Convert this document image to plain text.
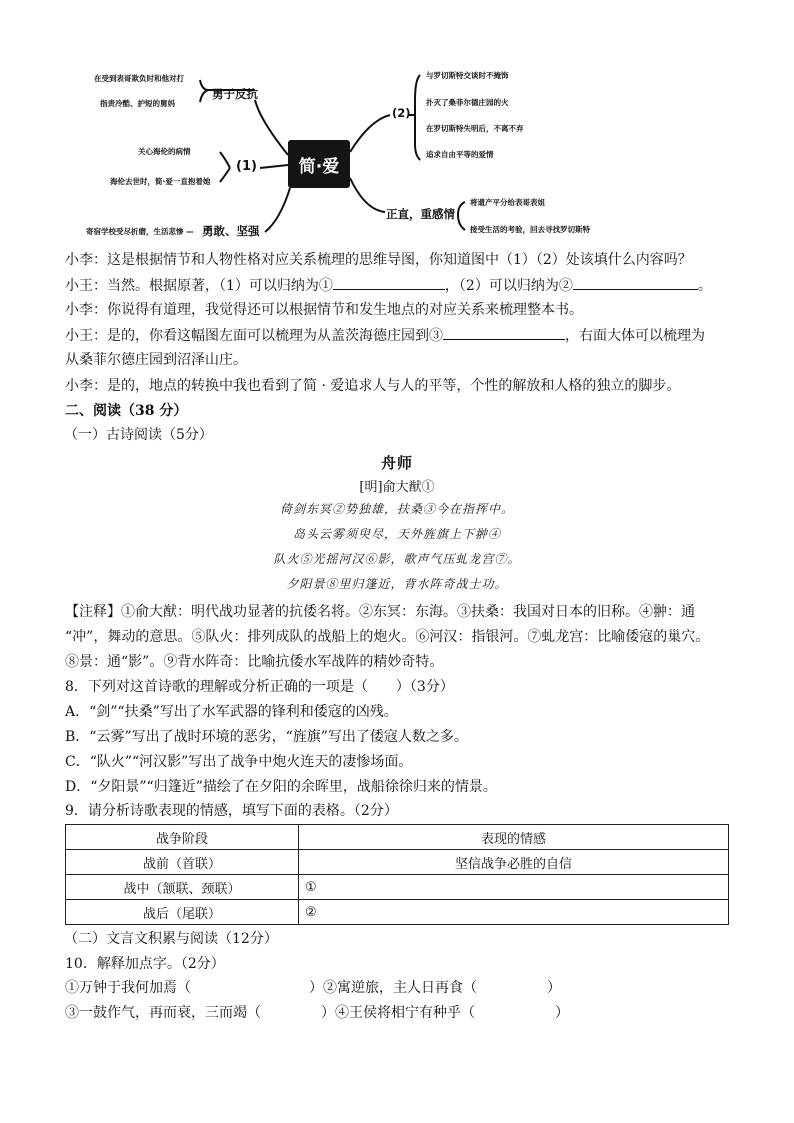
在受到表哥欺负时和他对打
指责冷酷、护短的舅妈
勇于反抗
关心海伦的病情
海伦去世时，简·爱一直抱着她
(1)
寄宿学校受尽折磨，生活悲惨 — 勇敢、坚强
简·爱
(2)
与罗切斯特交谈时不掩饰
扑灭了桑菲尔德庄园的火
在罗切斯特失明后，不离不弃
追求自由平等的爱情
正直，重感情
将遗产平分给表哥表姐
接受生活的考验，回去寻找罗切斯特
小李：这是根据情节和人物性格对应关系梳理的思维导图，你知道图中（1）（2）处该填什么内容吗？
小王：当然。根据原著，（1）可以归纳为①	，（2）可以归纳为②	。
小李：你说得有道理，我觉得还可以根据情节和发生地点的对应关系来梳理整本书。
小王：是的，你看这幅图左面可以梳理为从盖茨海德庄园到③	，右面大体可以梳理为
从桑菲尔德庄园到沼泽山庄。
小李：是的，地点的转换中我也看到了简 · 爱追求人与人的平等，个性的解放和人格的独立的脚步。
二、阅读（38 分）
（一）古诗阅读（5分）
舟师
[明]俞大猷①
倚剑东冥②势独雄，扶桑③今在指挥中。
岛头云雾须臾尽，天外旌旗上下翀④
队火⑤光摇河汉⑥影，歌声气压虬龙宫⑦。
夕阳景⑧里归篷近，背水阵奇战士功。
【注释】①俞大猷：明代战功显著的抗倭名将。②东冥：东海。③扶桑：我国对日本的旧称。④翀：通
“冲”，舞动的意思。⑤队火：排列成队的战船上的炮火。⑥河汉：指银河。⑦虬龙宫：比喻倭寇的巢穴。
⑧景：通“影”。⑨背水阵奇：比喻抗倭水军战阵的精妙奇特。
8．下列对这首诗歌的理解或分析正确的一项是（　　）（3分）
A．“剑”“扶桑”写出了水军武器的锋利和倭寇的凶残。
B．“云雾”写出了战时环境的恶劣，“旌旗”写出了倭寇人数之多。
C．“队火”“河汉影”写出了战争中炮火连天的凄惨场面。
D．“夕阳景”“归篷近”描绘了在夕阳的余晖里，战船徐徐归来的情景。
9．请分析诗歌表现的情感，填写下面的表格。（2分）
战争阶段	表现的情感
战前（首联）	坚信战争必胜的自信
战中（颔联、颈联）	①
战后（尾联）	②
（二）文言文积累与阅读（12分）
10．解释加点字。（2分）
①万钟于我何加焉（	）②寓逆旅，主人日再食（	）
③一鼓作气，再而衰，三而竭（	）④王侯将相宁有种乎（	）
